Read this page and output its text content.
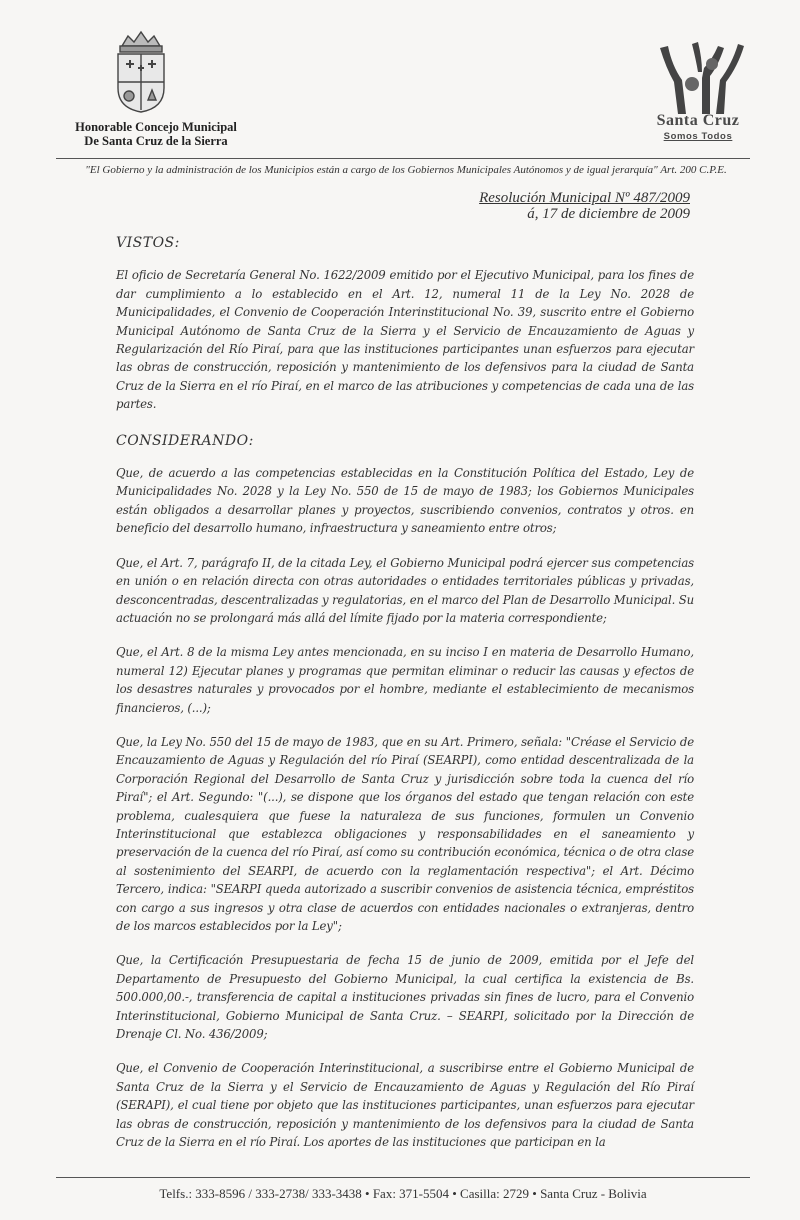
Honorable Concejo Municipal
De Santa Cruz de la Sierra
Santa Cruz
Somos Todos
"El Gobierno y la administración de los Municipios están a cargo de los Gobiernos Municipales Autónomos y de igual jerarquía" Art. 200 C.P.E.
Resolución Municipal Nº 487/2009
á, 17 de diciembre de 2009
VISTOS:
El oficio de Secretaría General No. 1622/2009 emitido por el Ejecutivo Municipal, para los fines de dar cumplimiento a lo establecido en el Art. 12, numeral 11 de la Ley No. 2028 de Municipalidades, el Convenio de Cooperación Interinstitucional No. 39, suscrito entre el Gobierno Municipal Autónomo de Santa Cruz de la Sierra y el Servicio de Encauzamiento de Aguas y Regularización del Río Piraí, para que las instituciones participantes unan esfuerzos para ejecutar las obras de construcción, reposición y mantenimiento de los defensivos para la ciudad de Santa Cruz de la Sierra en el río Piraí, en el marco de las atribuciones y competencias de cada una de las partes.
CONSIDERANDO:
Que, de acuerdo a las competencias establecidas en la Constitución Política del Estado, Ley de Municipalidades No. 2028 y la Ley No. 550 de 15 de mayo de 1983; los Gobiernos Municipales están obligados a desarrollar planes y proyectos, suscribiendo convenios, contratos y otros. en beneficio del desarrollo humano, infraestructura y saneamiento entre otros;
Que, el Art. 7, parágrafo II, de la citada Ley, el Gobierno Municipal podrá ejercer sus competencias en unión o en relación directa con otras autoridades o entidades territoriales públicas y privadas, desconcentradas, descentralizadas y regulatorias, en el marco del Plan de Desarrollo Municipal. Su actuación no se prolongará más allá del límite fijado por la materia correspondiente;
Que, el Art. 8 de la misma Ley antes mencionada, en su inciso I en materia de Desarrollo Humano, numeral 12) Ejecutar planes y programas que permitan eliminar o reducir las causas y efectos de los desastres naturales y provocados por el hombre, mediante el establecimiento de mecanismos financieros, (...);
Que, la Ley No. 550 del 15 de mayo de 1983, que en su Art. Primero, señala: "Créase el Servicio de Encauzamiento de Aguas y Regulación del río Piraí (SEARPI), como entidad descentralizada de la Corporación Regional del Desarrollo de Santa Cruz y jurisdicción sobre toda la cuenca del río Piraí"; el Art. Segundo: "(...), se dispone que los órganos del estado que tengan relación con este problema, cualesquiera que fuese la naturaleza de sus funciones, formulen un Convenio Interinstitucional que establezca obligaciones y responsabilidades en el saneamiento y preservación de la cuenca del río Piraí, así como su contribución económica, técnica o de otra clase al sostenimiento del SEARPI, de acuerdo con la reglamentación respectiva"; el Art. Décimo Tercero, indica: "SEARPI queda autorizado a suscribir convenios de asistencia técnica, empréstitos con cargo a sus ingresos y otra clase de acuerdos con entidades nacionales o extranjeras, dentro de los marcos establecidos por la Ley";
Que, la Certificación Presupuestaria de fecha 15 de junio de 2009, emitida por el Jefe del Departamento de Presupuesto del Gobierno Municipal, la cual certifica la existencia de Bs. 500.000,00.-, transferencia de capital a instituciones privadas sin fines de lucro, para el Convenio Interinstitucional, Gobierno Municipal de Santa Cruz. – SEARPI, solicitado por la Dirección de Drenaje Cl. No. 436/2009;
Que, el Convenio de Cooperación Interinstitucional, a suscribirse entre el Gobierno Municipal de Santa Cruz de la Sierra y el Servicio de Encauzamiento de Aguas y Regulación del Río Piraí (SERAPI), el cual tiene por objeto que las instituciones participantes, unan esfuerzos para ejecutar las obras de construcción, reposición y mantenimiento de los defensivos para la ciudad de Santa Cruz de la Sierra en el río Piraí. Los aportes de las instituciones que participan en la
Telfs.: 333-8596 / 333-2738/ 333-3438 • Fax: 371-5504 • Casilla: 2729 • Santa Cruz - Bolivia
